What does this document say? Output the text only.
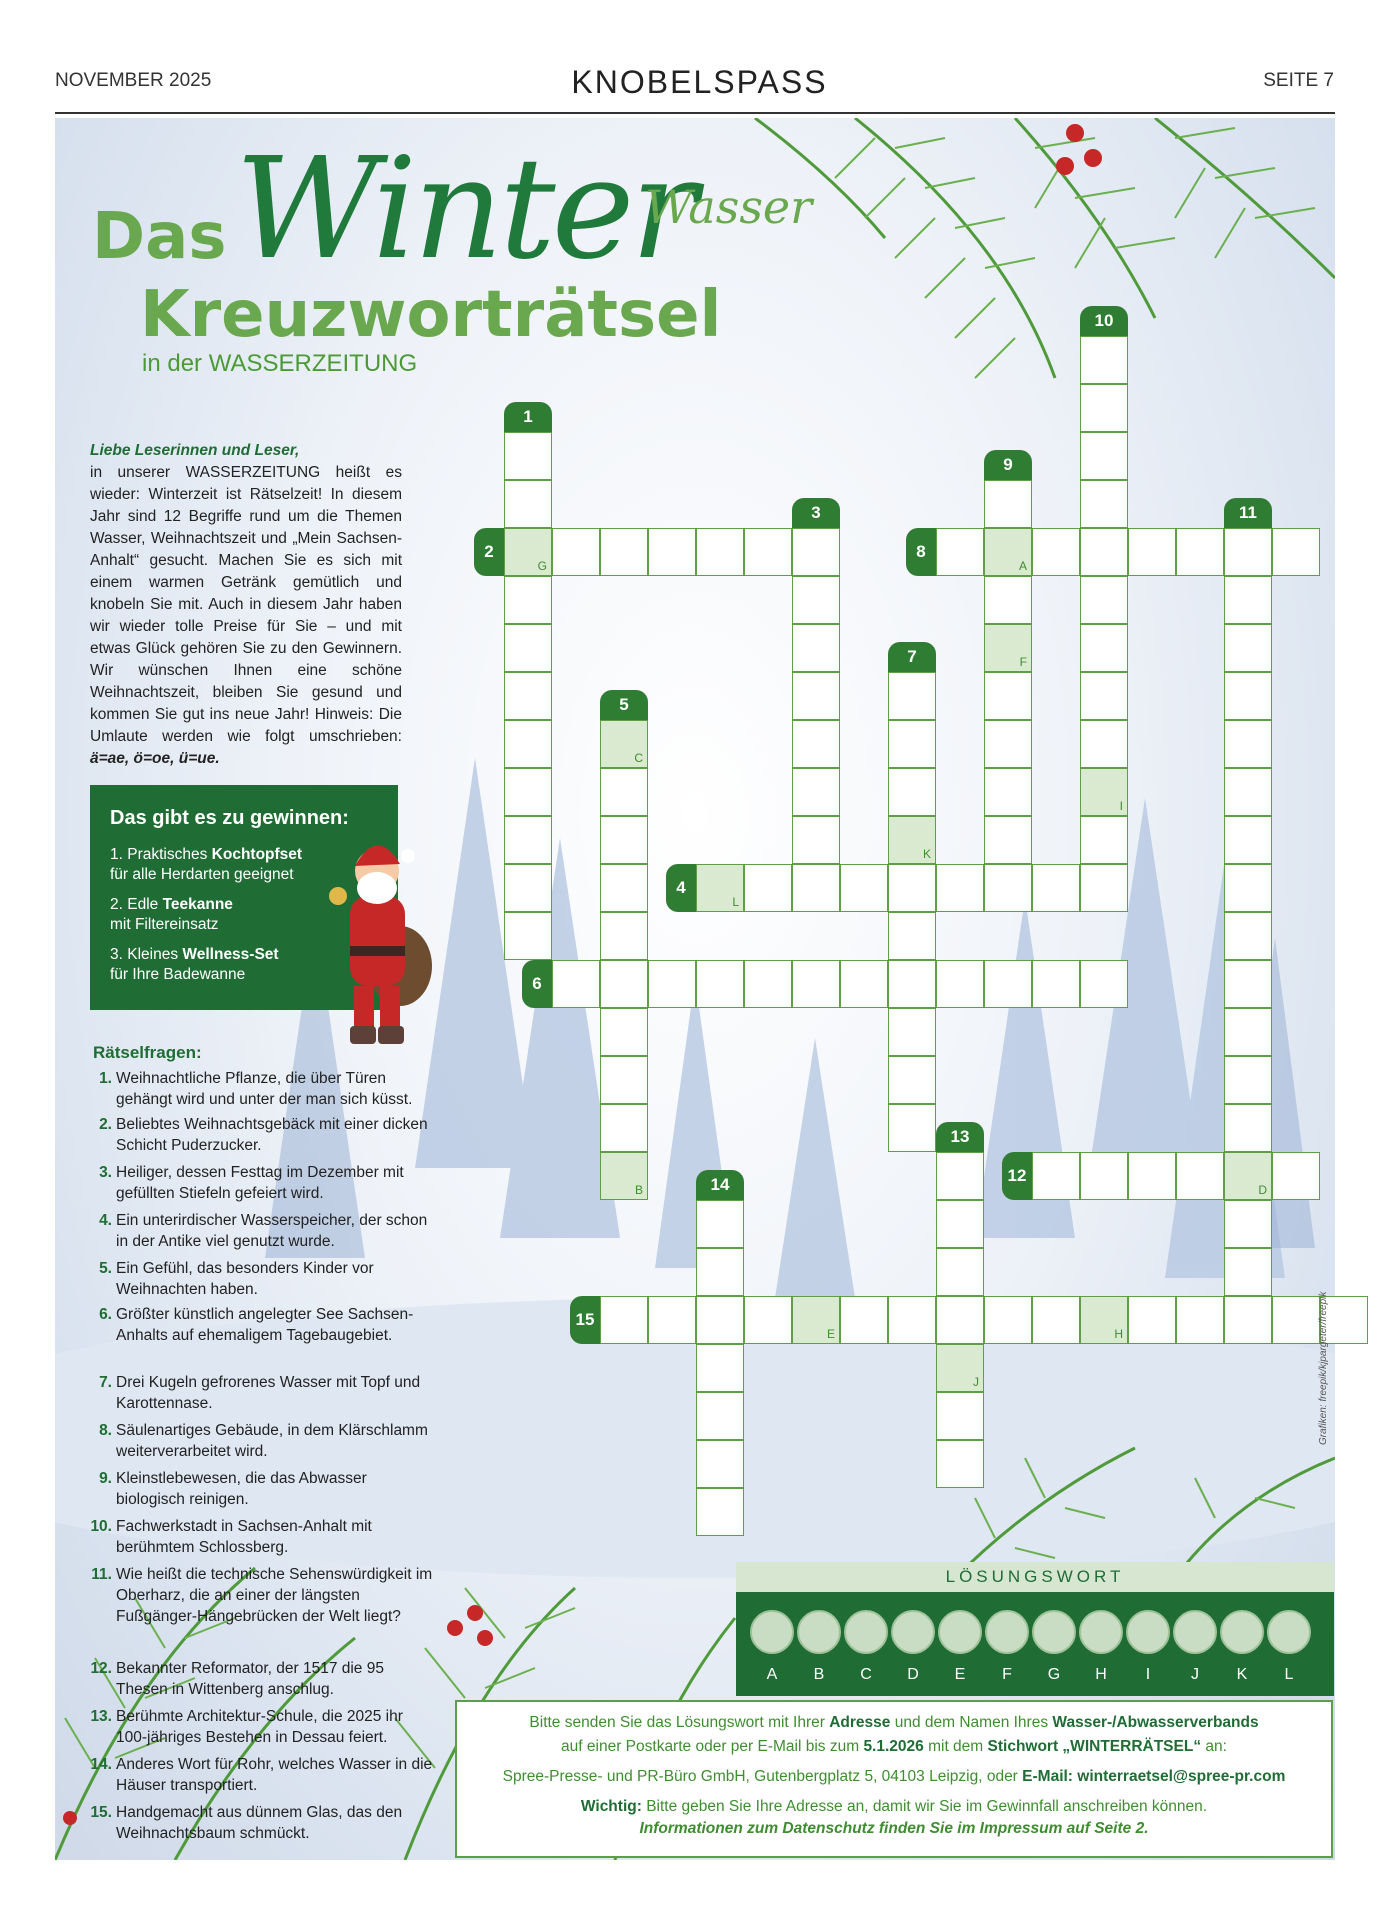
NOVEMBER 2025	KNOBELSPASS	SEITE 7
Das Winter
Wasser
Kreuzworträtsel
in der WASSERZEITUNG
Liebe Leserinnen und Leser,
in unserer WASSERZEITUNG heißt es wieder: Winterzeit ist Rätselzeit! In diesem Jahr sind 12 Begriffe rund um die Themen Wasser, Weihnachtszeit und „Mein Sachsen-Anhalt“ gesucht. Machen Sie es sich mit einem warmen Getränk gemütlich und knobeln Sie mit. Auch in diesem Jahr haben wir wieder tolle Preise für Sie – und mit etwas Glück gehören Sie zu den Gewinnern. Wir wünschen Ihnen eine schöne Weihnachtszeit, bleiben Sie gesund und kommen Sie gut ins neue Jahr! Hinweis: Die Umlaute werden wie folgt umschrieben: ä=ae, ö=oe, ü=ue.
Das gibt es zu gewinnen:
1. Praktisches Kochtopfset
für alle Herdarten geeignet
2. Edle Teekanne
mit Filtereinsatz
3. Kleines Wellness-Set
für Ihre Badewanne
Rätselfragen:
1. Weihnachtliche Pflanze, die über Türen gehängt wird und unter der man sich küsst.
2. Beliebtes Weihnachtsgebäck mit einer dicken Schicht Puderzucker.
3. Heiliger, dessen Festtag im Dezember mit gefüllten Stiefeln gefeiert wird.
4. Ein unterirdischer Wasserspeicher, der schon in der Antike viel genutzt wurde.
5. Ein Gefühl, das besonders Kinder vor Weihnachten haben.
6. Größter künstlich angelegter See Sachsen-Anhalts auf ehemaligem Tagebaugebiet.
7. Drei Kugeln gefrorenes Wasser mit Topf und Karottennase.
8. Säulenartiges Gebäude, in dem Klärschlamm weiterverarbeitet wird.
9. Kleinstlebewesen, die das Abwasser biologisch reinigen.
10. Fachwerkstadt in Sachsen-Anhalt mit berühmtem Schlossberg.
11. Wie heißt die technische Sehenswürdigkeit im Oberharz, die an einer der längsten Fußgänger-Hängebrücken der Welt liegt?
12. Bekannter Reformator, der 1517 die 95 Thesen in Wittenberg anschlug.
13. Berühmte Architektur-Schule, die 2025 ihr 100-jähriges Bestehen in Dessau feiert.
14. Anderes Wort für Rohr, welches Wasser in die Häuser transportiert.
15. Handgemacht aus dünnem Glas, das den Weihnachtsbaum schmückt.
G
1
2
3
L
4
C
B
5
6
K
7
A
8
F
9
I
10
D
11
12
J
13
14
E	H
15
LÖSUNGSWORT
A	B	C	D	E	F	G	H	I	J	K	L
Bitte senden Sie das Lösungswort mit Ihrer Adresse und dem Namen Ihres Wasser-/Abwasserverbands
auf einer Postkarte oder per E-Mail bis zum 5.1.2026 mit dem Stichwort „WINTERRÄTSEL“ an:
Spree-Presse- und PR-Büro GmbH, Gutenbergplatz 5, 04103 Leipzig, oder E-Mail: winterraetsel@spree-pr.com
Wichtig: Bitte geben Sie Ihre Adresse an, damit wir Sie im Gewinnfall anschreiben können.
Informationen zum Datenschutz finden Sie im Impressum auf Seite 2.
Grafiken: freepik/kjpargeter/freepik
